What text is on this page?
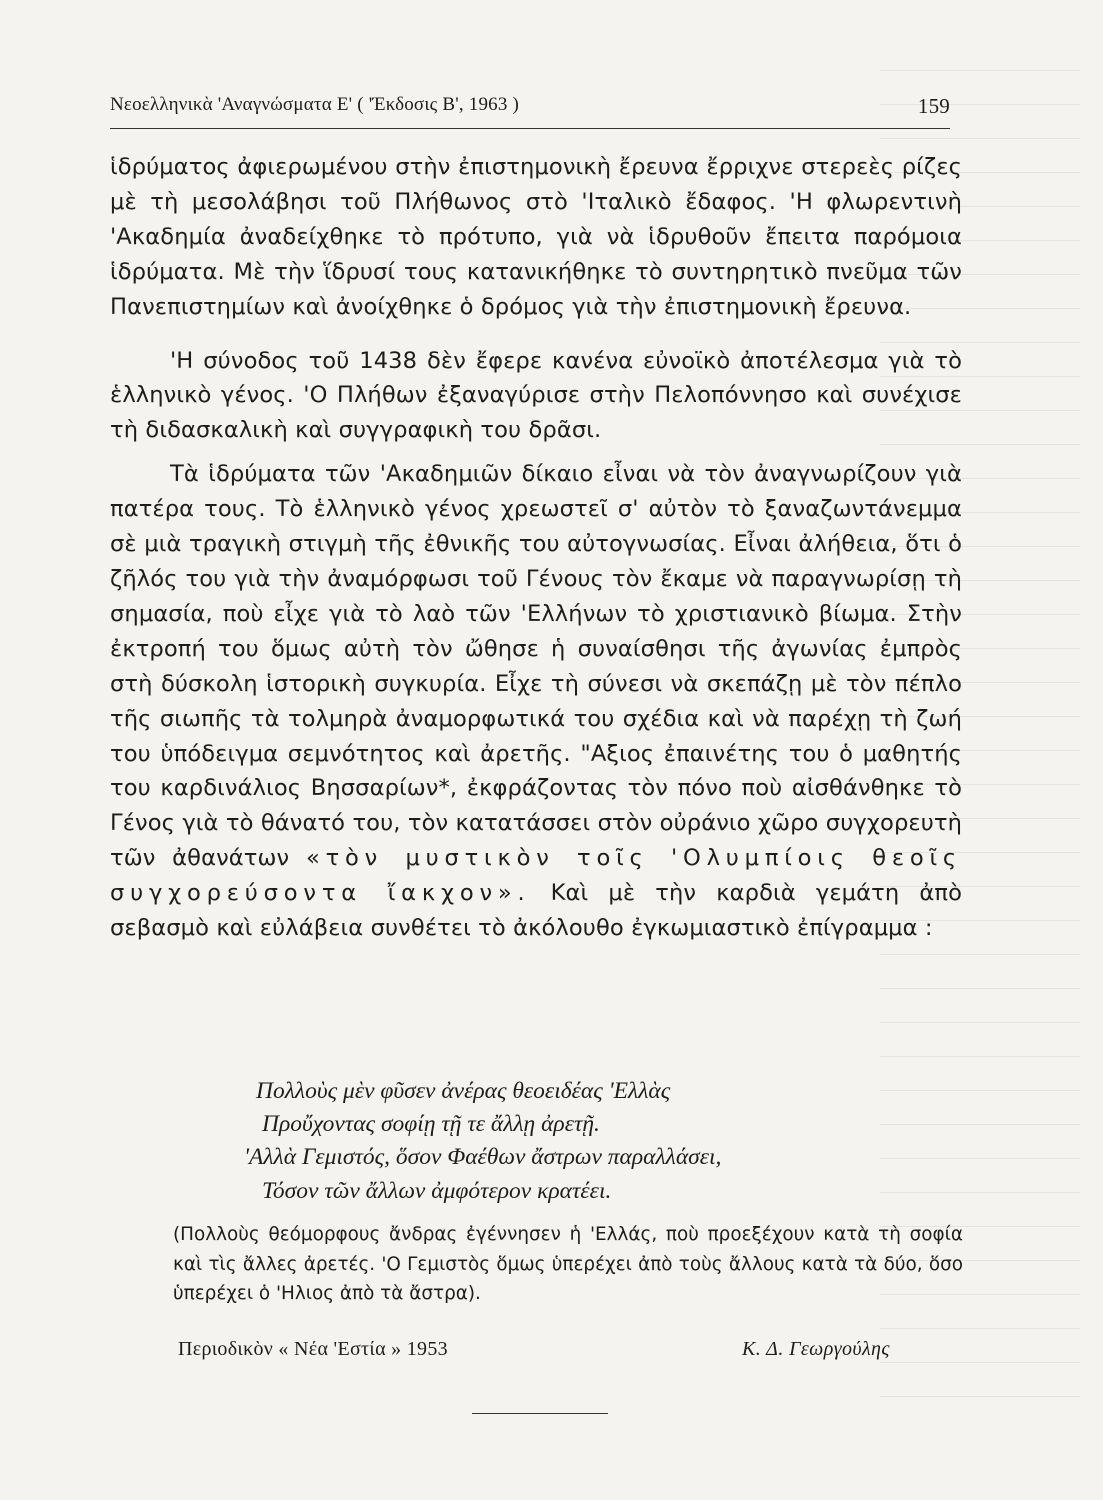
Νεοελληνικὰ 'Αναγνώσματα Ε' ( 'Έκδοσις Β', 1963 )	159

ἱδρύματος ἀφιερωμένου στὴν ἐπιστημονικὴ ἔρευνα ἔρριχνε στερεὲς ρίζες μὲ τὴ μεσολάβησι τοῦ Πλήθωνος στὸ 'Ιταλικὸ ἔδαφος. 'Η φλωρεντινὴ 'Ακαδημία ἀναδείχθηκε τὸ πρότυπο, γιὰ νὰ ἱδρυθοῦν ἔπειτα παρόμοια ἱδρύματα. Μὲ τὴν ἵδρυσί τους κατανικήθηκε τὸ συντηρητικὸ πνεῦμα τῶν Πανεπιστημίων καὶ ἀνοίχθηκε ὁ δρόμος γιὰ τὴν ἐπιστημονικὴ ἔρευνα.

'Η σύνοδος τοῦ 1438 δὲν ἔφερε κανένα εὐνοϊκὸ ἀποτέλεσμα γιὰ τὸ ἑλληνικὸ γένος. 'Ο Πλήθων ἐξαναγύρισε στὴν Πελοπόννησο καὶ συνέχισε τὴ διδασκαλικὴ καὶ συγγραφικὴ του δρᾶσι.

Τὰ ἱδρύματα τῶν 'Ακαδημιῶν δίκαιο εἶναι νὰ τὸν ἀναγνωρίζουν γιὰ πατέρα τους. Τὸ ἑλληνικὸ γένος χρεωστεῖ σ' αὐτὸν τὸ ξαναζωντάνεμμα σὲ μιὰ τραγικὴ στιγμὴ τῆς ἐθνικῆς του αὐτογνωσίας. Εἶναι ἀλήθεια, ὅτι ὁ ζῆλός του γιὰ τὴν ἀναμόρφωσι τοῦ Γένους τὸν ἔκαμε νὰ παραγνωρίσῃ τὴ σημασία, ποὺ εἶχε γιὰ τὸ λαὸ τῶν 'Ελλήνων τὸ χριστιανικὸ βίωμα. Στὴν ἐκτροπή του ὅμως αὐτὴ τὸν ὤθησε ἡ συναίσθησι τῆς ἀγωνίας ἐμπρὸς στὴ δύσκολη ἱστορικὴ συγκυρία. Εἶχε τὴ σύνεσι νὰ σκεπάζῃ μὲ τὸν πέπλο τῆς σιωπῆς τὰ τολμηρὰ ἀναμορφωτικά του σχέδια καὶ νὰ παρέχῃ τὴ ζωή του ὑπόδειγμα σεμνότητος καὶ ἀρετῆς. "Αξιος ἐπαινέτης του ὁ μαθητής του καρδινάλιος Βησσαρίων*, ἐκφράζοντας τὸν πόνο ποὺ αἰσθάνθηκε τὸ Γένος γιὰ τὸ θάνατό του, τὸν κατατάσσει στὸν οὐράνιο χῶρο συγχορευτὴ τῶν ἀθανάτων «τὸν μυστικὸν τοῖς 'Ολυμπίοις θεοῖς συγχορεύσοντα ἴακχον». Καὶ μὲ τὴν καρδιὰ γεμάτη ἀπὸ σεβασμὸ καὶ εὐλάβεια συνθέτει τὸ ἀκόλουθο ἐγκωμιαστικὸ ἐπίγραμμα :

Πολλοὺς μὲν φῦσεν ἀνέρας θεοειδέας 'Ελλὰς
Προὔχοντας σοφίῃ τῇ τε ἄλλῃ ἀρετῇ.
'Αλλὰ Γεμιστός, ὅσον Φαέθων ἄστρων παραλλάσει,
Τόσον τῶν ἄλλων ἀμφότερον κρατέει.
(Πολλοὺς θεόμορφους ἄνδρας ἐγέννησεν ἡ 'Ελλάς, ποὺ προεξέχουν κατὰ τὴ σοφία καὶ τὶς ἄλλες ἀρετές. 'Ο Γεμιστὸς ὅμως ὑπερέχει ἀπὸ τοὺς ἄλλους κατὰ τὰ δύο, ὅσο ὑπερέχει ὁ 'Ηλιος ἀπὸ τὰ ἄστρα).
Περιοδικὸν « Νέα 'Εστία » 1953	Κ. Δ. Γεωργούλης
